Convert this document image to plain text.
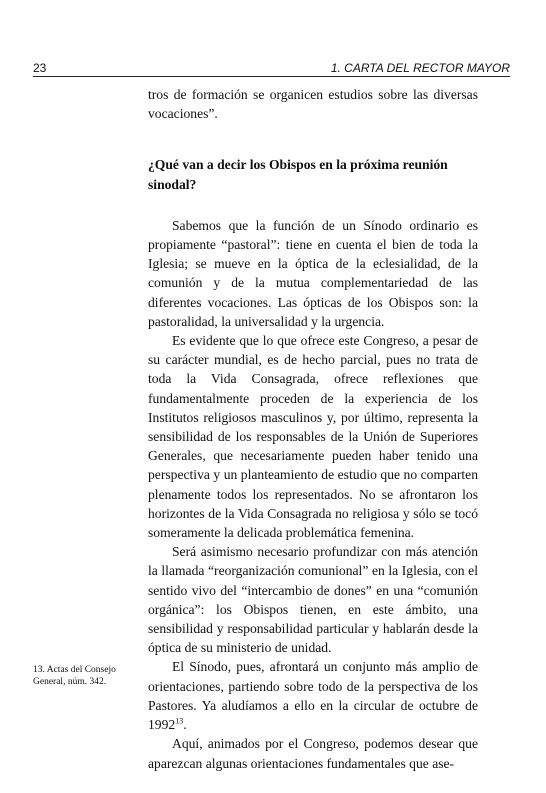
23	1. CARTA DEL RECTOR MAYOR

tros de formación se organicen estudios sobre las diversas vocaciones”.

¿Qué van a decir los Obispos en la próxima reunión sinodal?

Sabemos que la función de un Sínodo ordinario es propiamente “pastoral”: tiene en cuenta el bien de toda la Iglesia; se mueve en la óptica de la eclesialidad, de la comunión y de la mutua complementariedad de las diferentes vocaciones. Las ópticas de los Obispos son: la pastoralidad, la universalidad y la urgencia.

Es evidente que lo que ofrece este Congreso, a pesar de su carácter mundial, es de hecho parcial, pues no trata de toda la Vida Consagrada, ofrece reflexiones que fundamentalmente proceden de la experiencia de los Institutos religiosos masculinos y, por último, representa la sensibilidad de los responsables de la Unión de Superiores Generales, que necesariamente pueden haber tenido una perspectiva y un planteamiento de estudio que no comparten plenamente todos los representados. No se afrontaron los horizontes de la Vida Consagrada no religiosa y sólo se tocó someramente la delicada problemática femenina.

Será asimismo necesario profundizar con más atención la llamada “reorganización comunional” en la Iglesia, con el sentido vivo del “intercambio de dones” en una “comunión orgánica”: los Obispos tienen, en este ámbito, una sensibilidad y responsabilidad particular y hablarán desde la óptica de su ministerio de unidad.

El Sínodo, pues, afrontará un conjunto más amplio de orientaciones, partiendo sobre todo de la perspectiva de los Pastores. Ya aludíamos a ello en la circular de octubre de 1992$^{13}$.

Aquí, animados por el Congreso, podemos desear que aparezcan algunas orientaciones fundamentales que ase-

13. Actas del Consejo General, núm. 342.
